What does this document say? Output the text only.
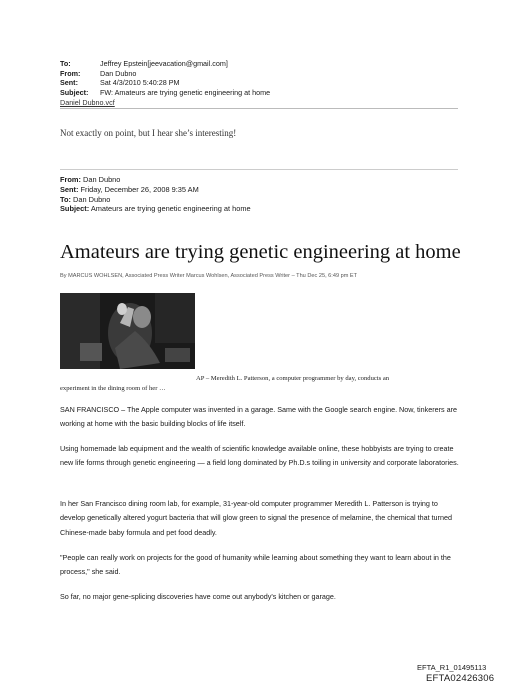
To:	Jeffrey Epstein[jeevacation@gmail.com]
From:	Dan Dubno
Sent:	Sat 4/3/2010 5:40:28 PM
Subject:	FW: Amateurs are trying genetic engineering at home
Daniel Dubno.vcf
Not exactly on point, but I hear she’s interesting!
From: Dan Dubno
Sent: Friday, December 26, 2008 9:35 AM
To: Dan Dubno
Subject: Amateurs are trying genetic engineering at home
Amateurs are trying genetic engineering at home
By MARCUS WOHLSEN, Associated Press Writer Marcus Wohlsen, Associated Press Writer – Thu Dec 25, 6:49 pm ET
AP – Meredith L. Patterson, a computer programmer by day, conducts an
experiment in the dining room of her …
SAN FRANCISCO – The Apple computer was invented in a garage. Same with the Google search engine. Now, tinkerers are working at home with the basic building blocks of life itself.
Using homemade lab equipment and the wealth of scientific knowledge available online, these hobbyists are trying to create new life forms through genetic engineering — a field long dominated by Ph.D.s toiling in university and corporate laboratories.
In her San Francisco dining room lab, for example, 31-year-old computer programmer Meredith L. Patterson is trying to develop genetically altered yogurt bacteria that will glow green to signal the presence of melamine, the chemical that turned Chinese-made baby formula and pet food deadly.
"People can really work on projects for the good of humanity while learning about something they want to learn about in the process," she said.
So far, no major gene-splicing discoveries have come out anybody's kitchen or garage.
EFTA_R1_01495113
EFTA02426306
